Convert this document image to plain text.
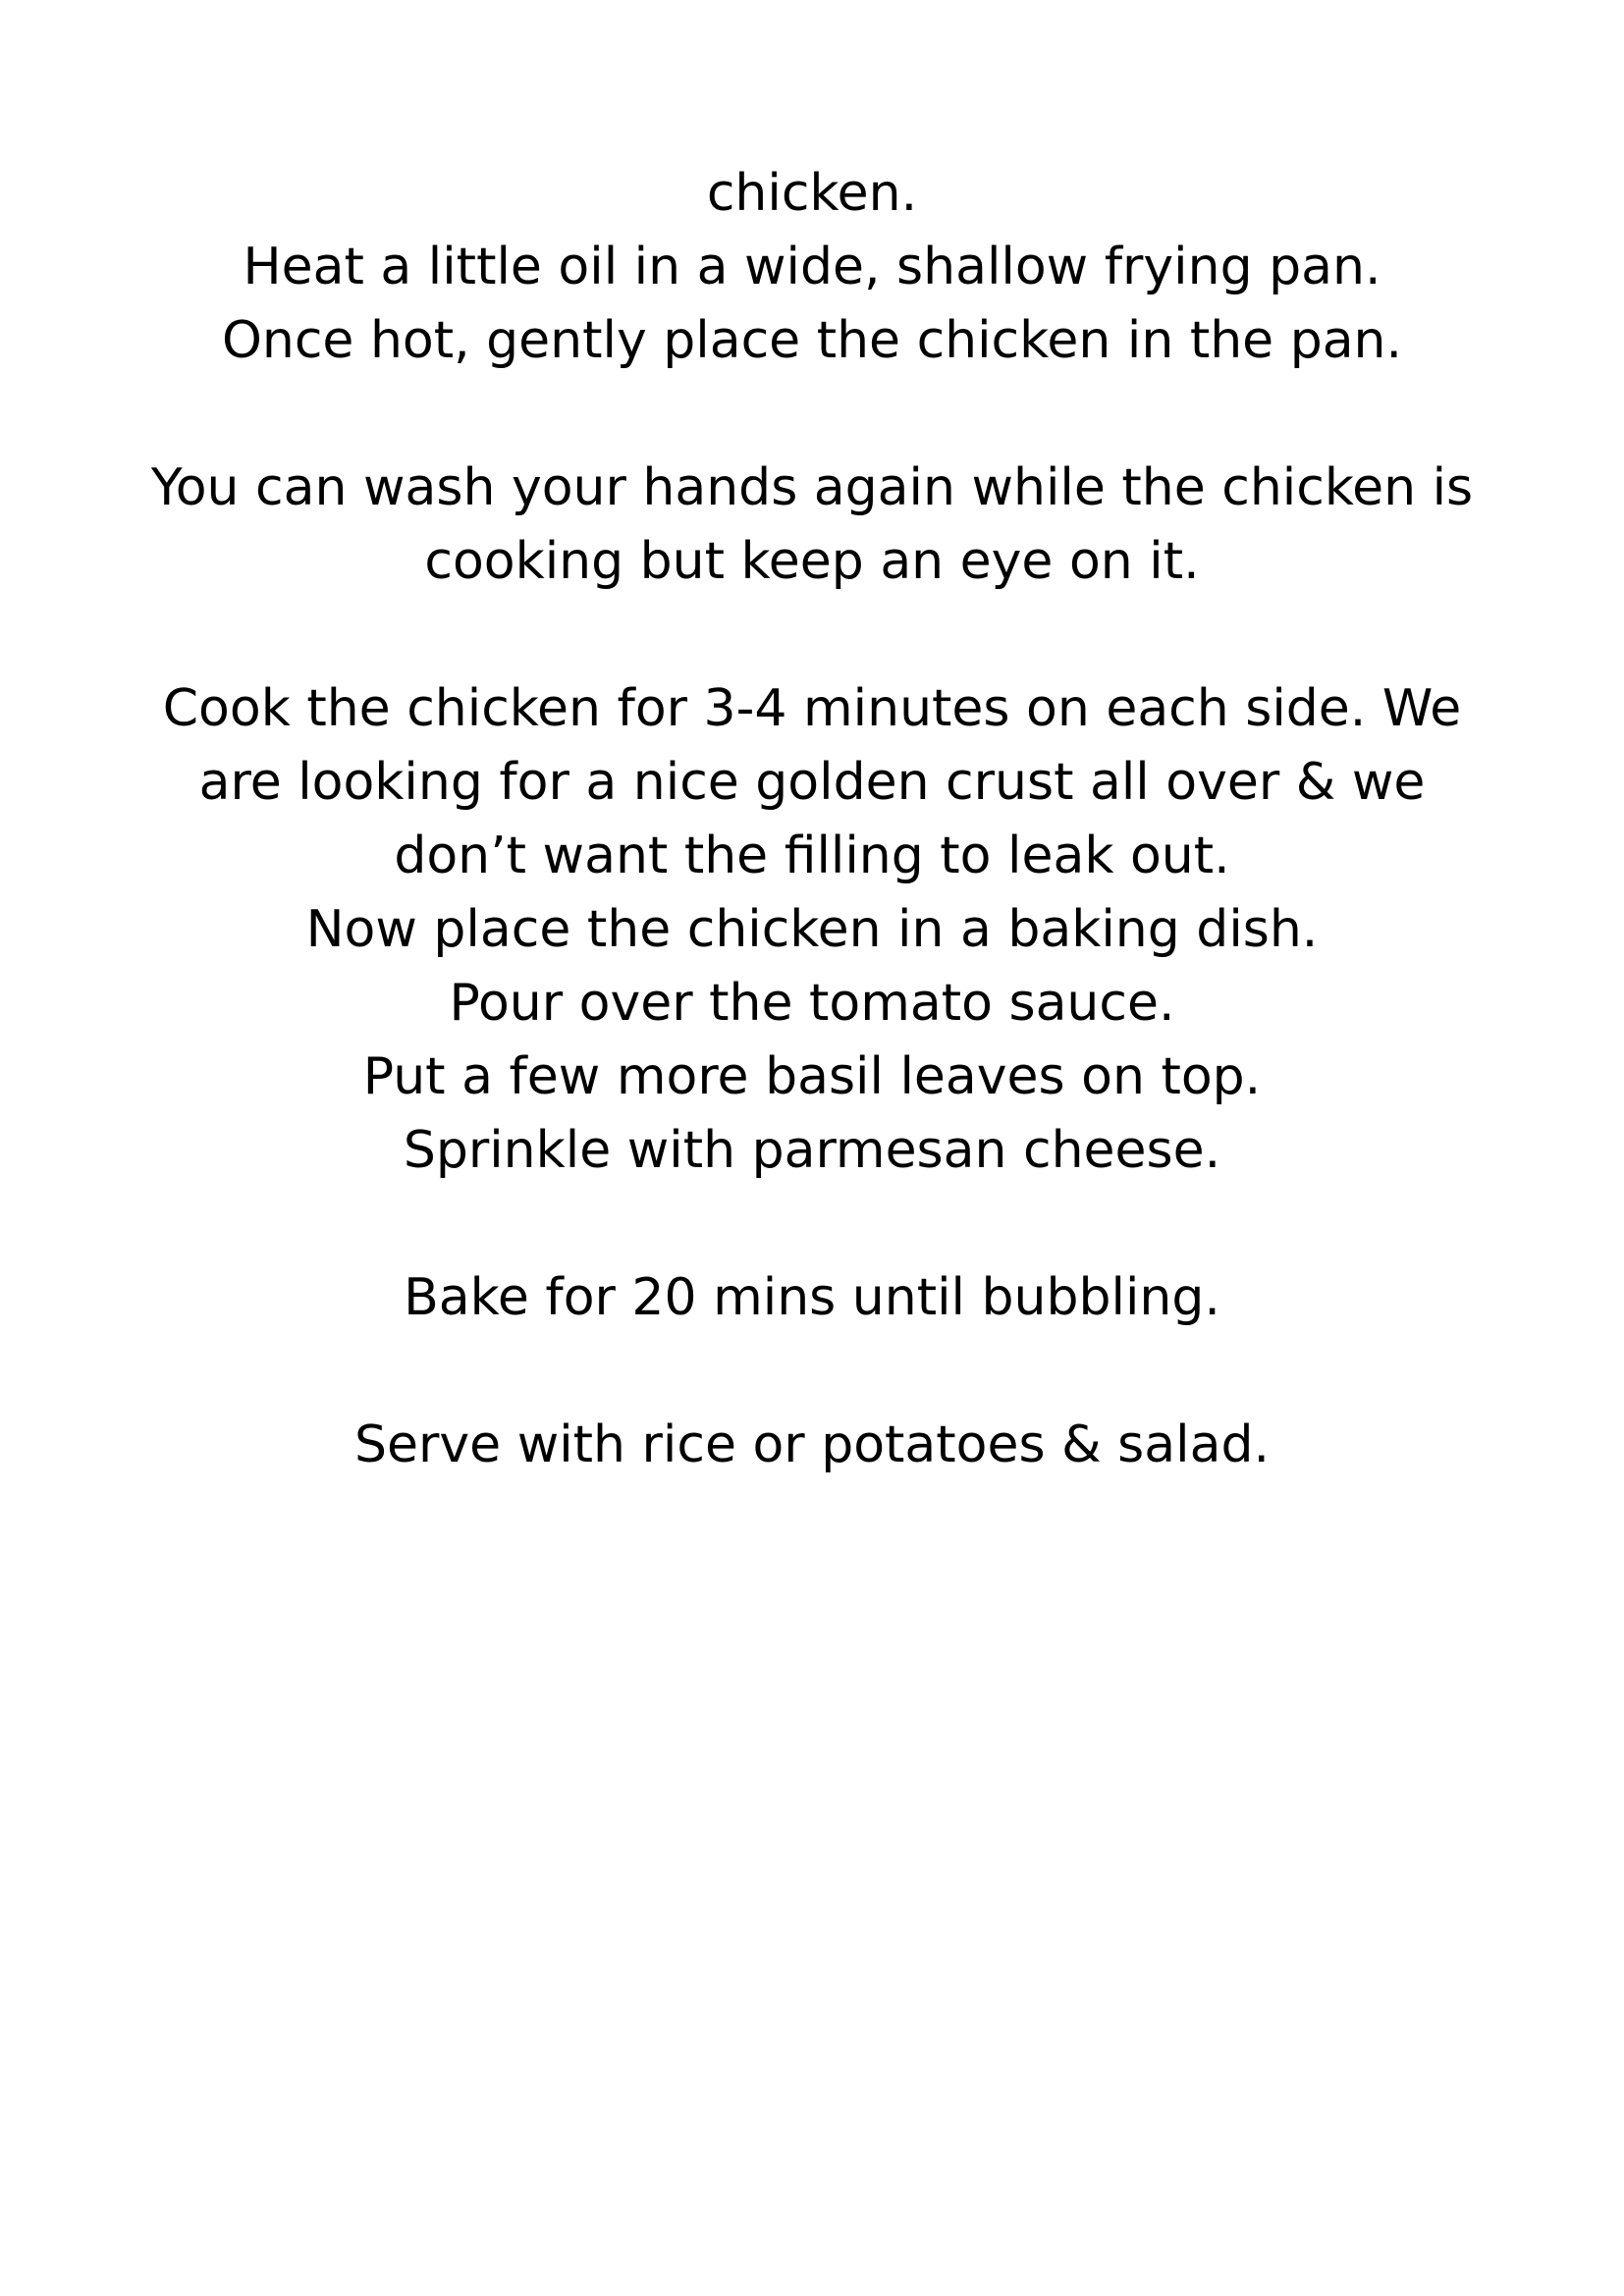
chicken.
Heat a little oil in a wide, shallow frying pan.
Once hot, gently place the chicken in the pan.
You can wash your hands again while the chicken is
cooking but keep an eye on it.
Cook the chicken for 3-4 minutes on each side. We
are looking for a nice golden crust all over & we
don’t want the filling to leak out.
Now place the chicken in a baking dish.
Pour over the tomato sauce.
Put a few more basil leaves on top.
Sprinkle with parmesan cheese.
Bake for 20 mins until bubbling.
Serve with rice or potatoes & salad.
